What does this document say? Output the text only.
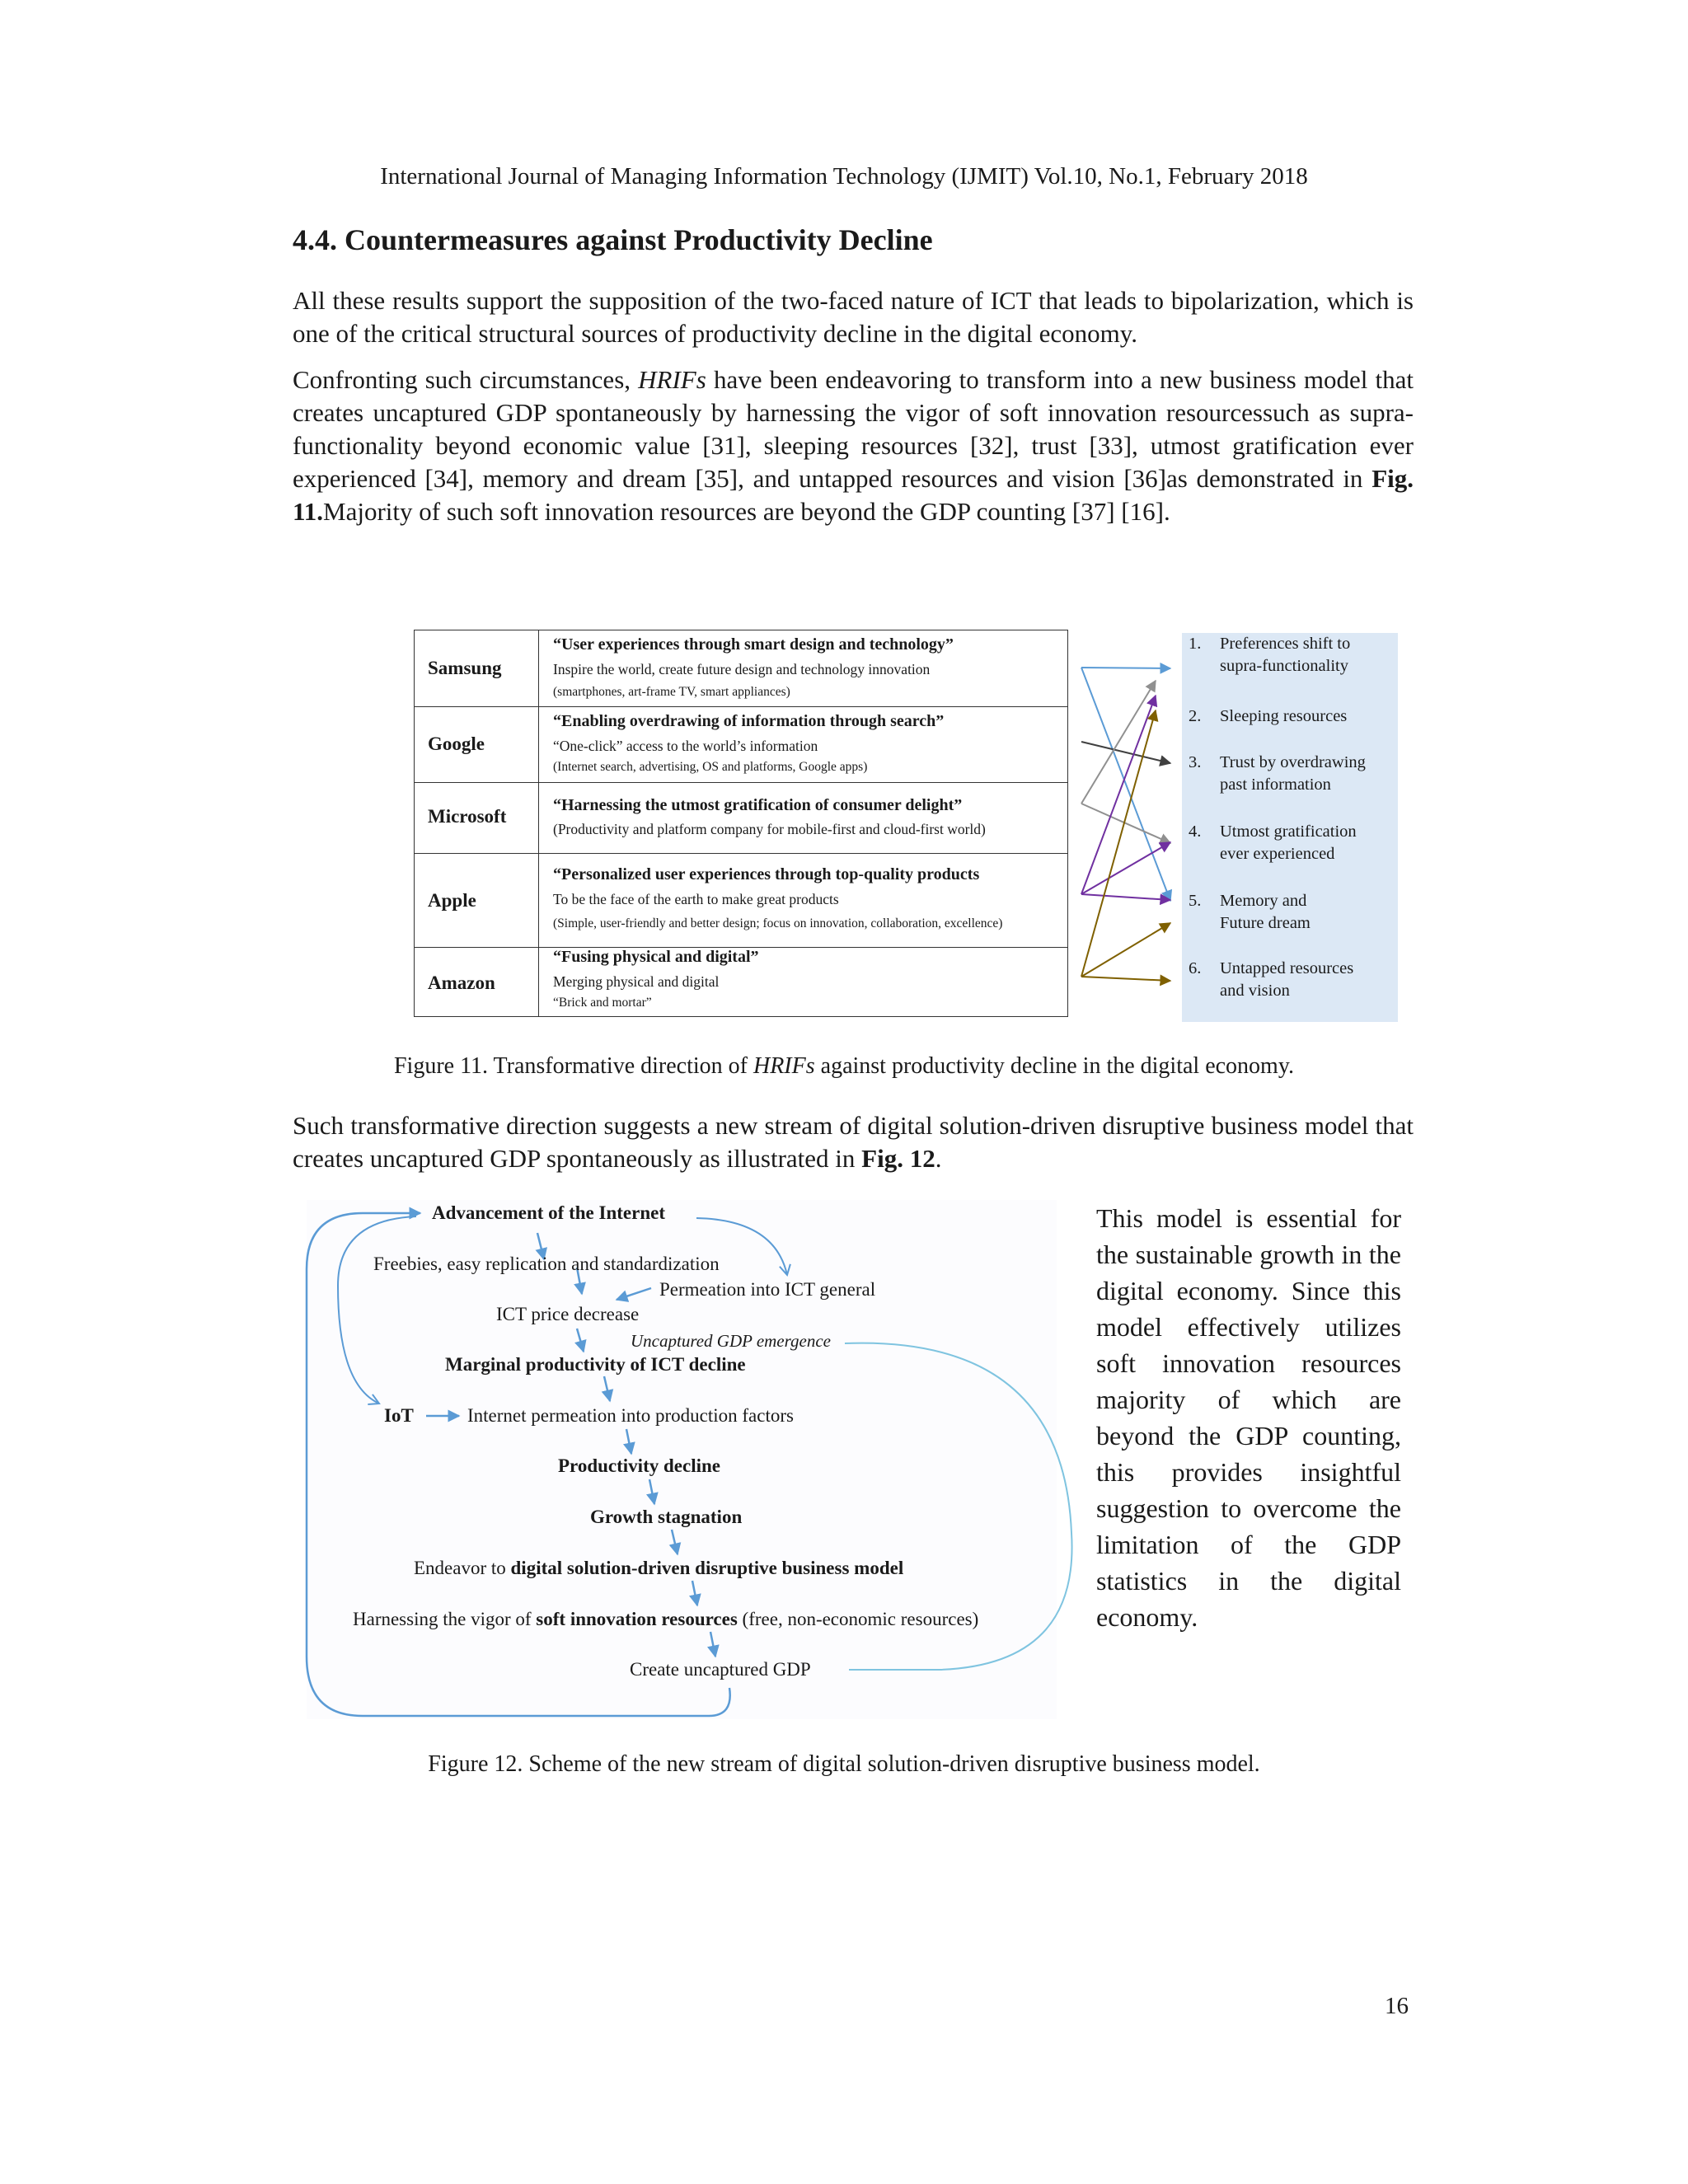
International Journal of Managing Information Technology (IJMIT) Vol.10, No.1, February 2018
4.4. Countermeasures against Productivity Decline
All these results support the supposition of the two-faced nature of ICT that leads to bipolarization, which is one of the critical structural sources of productivity decline in the digital economy.
Confronting such circumstances, HRIFs have been endeavoring to transform into a new business model that creates uncaptured GDP spontaneously by harnessing the vigor of soft innovation resourcessuch as supra-functionality beyond economic value [31], sleeping resources [32], trust [33], utmost gratification ever experienced [34], memory and dream [35], and untapped resources and vision [36]as demonstrated in Fig. 11.Majority of such soft innovation resources are beyond the GDP counting [37] [16].
Samsung
“User experiences through smart design and technology”
Inspire the world, create future design and technology innovation
(smartphones, art-frame TV, smart appliances)
Google
“Enabling overdrawing of information through search”
“One-click” access to the world’s information
(Internet search, advertising, OS and platforms, Google apps)
Microsoft
“Harnessing the utmost gratification of consumer delight”
(Productivity and platform company for mobile-first and cloud-first world)
Apple
“Personalized user experiences through top-quality products
To be the face of the earth to make great products
(Simple, user-friendly and better design; focus on innovation, collaboration, excellence)
Amazon
“Fusing physical and digital”
Merging physical and digital
“Brick and mortar”
1. Preferences shift to
supra-functionality
2. Sleeping resources
3. Trust by overdrawing
past information
4. Utmost gratification
ever experienced
5. Memory and
Future dream
6. Untapped resources
and vision
Figure 11. Transformative direction of HRIFs against productivity decline in the digital economy.
Such transformative direction suggests a new stream of digital solution-driven disruptive business model that creates uncaptured GDP spontaneously as illustrated in Fig. 12.
Advancement of the Internet
Freebies, easy replication and standardization
Permeation into ICT general
ICT price decrease
Uncaptured GDP emergence
Marginal productivity of ICT decline
IoT	Internet permeation into production factors
Productivity decline
Growth stagnation
Endeavor to digital solution-driven disruptive business model
Harnessing the vigor of soft innovation resources (free, non-economic resources)
Create uncaptured GDP
This model is essential for the sustainable growth in the digital economy. Since this model effectively utilizes soft innovation resources majority of which are beyond the GDP counting, this provides insightful suggestion to overcome the limitation of the GDP statistics in the digital economy.
Figure 12. Scheme of the new stream of digital solution-driven disruptive business model.
16
